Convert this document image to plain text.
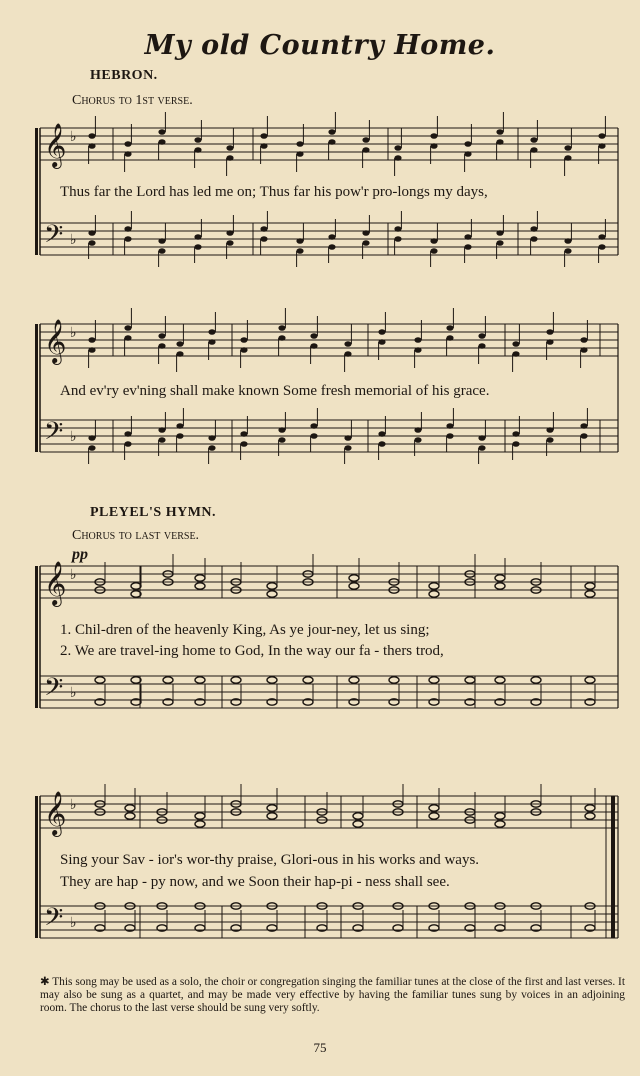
My old Country Home.
HEBRON.
Chorus to 1st verse.
Thus far the Lord has led me on; Thus far his pow'r pro-longs my days,
And ev'ry ev'ning shall make known Some fresh memorial of his grace.
PLEYEL'S HYMN.
Chorus to last verse.
pp
1. Chil-dren of the heavenly King, As ye jour-ney, let us sing;
2. We are travel-ing home to God, In the way our fa - thers trod,
Sing your Sav - ior's wor-thy praise, Glori-ous in his works and ways.
They are hap - py now, and we Soon their hap-pi - ness shall see.
𝄞
𝄢
♭
♭
𝄞
𝄢
♭
♭
𝄞
𝄢
♭
♭
𝄞
𝄢
♭
♭
✱ This song may be used as a solo, the choir or congregation singing the familiar tunes at the close of the first and last verses. It may also be sung as a quartet, and may be made very effective by having the familiar tunes sung by voices in an adjoining room. The chorus to the last verse should be sung very softly.
75
